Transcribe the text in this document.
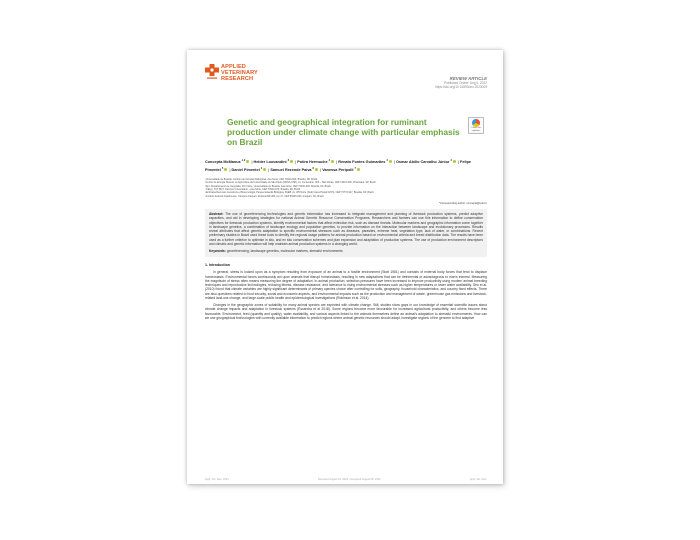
APPLIED
VETERINARY
RESEARCH	REVIEW ARTICLE
Published Online: Aug 0, 2022
https://doi.org/10.31893/avr.2023009
Genetic and geographical integration for ruminant production under climate change with particular emphasis on Brazil
Check for
updates
Concepta McManus$^{1,2}$ |Helder Louvandini$^3$ |Potira Hermuche$^4$ |Renato Fontes Guimarães$^4$ |Osmar Abílio Carvalho Júnior$^4$ |Felipe Pimentel$^5$ |Daniel Pimentel$^1$ |Samuel Rezende Paiva$^6$ |Vanessa Peripolli$^7$
¹Universidade de Brasília, Instituto de Ciências Biológicas, Asa Norte, CEP 70910-900, Brasília, DF, Brazil.
²Centro de Energia Nuclear na Agricultura da Universidade de São Paulo (CENA-USP), Av. Centenário, 303 – São Dimas, CEP 13416-000, Piracicaba, SP, Brazil.
³Dpt. Departamento de Geografia, ICC Norte, Universidade de Brasília, Asa Norte, CEP 70910-900, Brasília, DF, Brazil.
⁴CELQ, TCT BCT, Campus Universitário – Asa Norte, CEP 70910-970, Brasília, DF, Brazil.
⁵Embrapa Recursos Genéticos e Biotecnologia, Parque Estação Biológica, PqEB, Av. W5 Norte (final) Caixa Postal 02372, CEP 70770-917, Brasília, DF, Brazil.
⁶Instituto Federal Catarinense, Campus Araquari, Rodovia BR 280, km 27, CEP 89245-000, Araquari, SC, Brazil.
*Corresponding author: concepta@unb.br
Abstract: The use of georeferencing technologies and genetic information has increased to integrate management and planning of livestock production systems, predict adaptive capacities, and aid in developing strategies for national Animal Genetic Resource Conservation Programs. Researchers and farmers can use this information to define conservation objectives for livestock production systems, identify environmental factors that affect extinction risk, such as disease threats. Molecular markers and geographic information come together in landscape genetics, a combination of landscape ecology and population genetics, to provide information on the interaction between landscape and evolutionary processes. Results reveal attributes that affect genetic adaptation to specific environmental stressors such as diseases, parasites, extreme heat, vegetation type, lack of water, or combinations. Recent preliminary studies in Brazil used these tools to identify the regional usage patterns for animal production based on environmental criteria and breed distribution data. The results have been used as a further criterion to optimise in situ, and ex situ conservation schemes and plan expansion and adaptation of production systems. The use of production environment descriptors and climatic and genetic information will help maintain animal production systems in a changing world.
Keywords: georeferencing, landscape genetics, molecular markers, stressful environments
1. Introduction
In general, stress is looked upon as a symptom resulting from exposure of an animal to a hostile environment (Stott 1981) and consists of external body forces that tend to displace homeostasis. Environmental forces continuously act upon animals that disrupt homeostasis, resulting in new adaptations that can be detrimental or advantageous to man's interest. Measuring the magnitude of stress often means measuring the degree of adaptation. In animal production, selection pressures have been increased to improve productivity using modern animal breeding techniques and reproductive technologies, reducing fitness, disease resistance, and tolerance to rising environmental stresses such as higher temperatures or lower water availability. Seo et al. (2010) found that climate variables are highly significant determinants of primary species choice after controlling for soils, geography, household characteristics, and country fixed effects. There are also questions related to food security, social and economic aspects, and environmental impacts such as the production and management of waste, greenhouse gas emissions and livestock-related land-use change, and large-scale public health and epidemiological investigations (Robinson et al. 2014).
Changes in the geographic zones of suitability for many animal species are expected with climate change. Still, studies show gaps in our knowledge of essential scientific issues about climate change impacts and adaptation in livestock systems (Escarcha et al 2018). Some regions become more favourable for increased agricultural productivity, and others become less favourable. Environment, feed (quantity and quality), water availability, and various aspects linked to the animals themselves define an animal's adaptation to stressful environments. How can we use geographical technologies with currently available information to predict regions where animal genetic resources should adapt, investigate regions of the genome to find adaptive
Appl. Vet. Res. 2023	Received August 01, 2022 • Accepted August 08, 2022	Appl. Vet. Res.
